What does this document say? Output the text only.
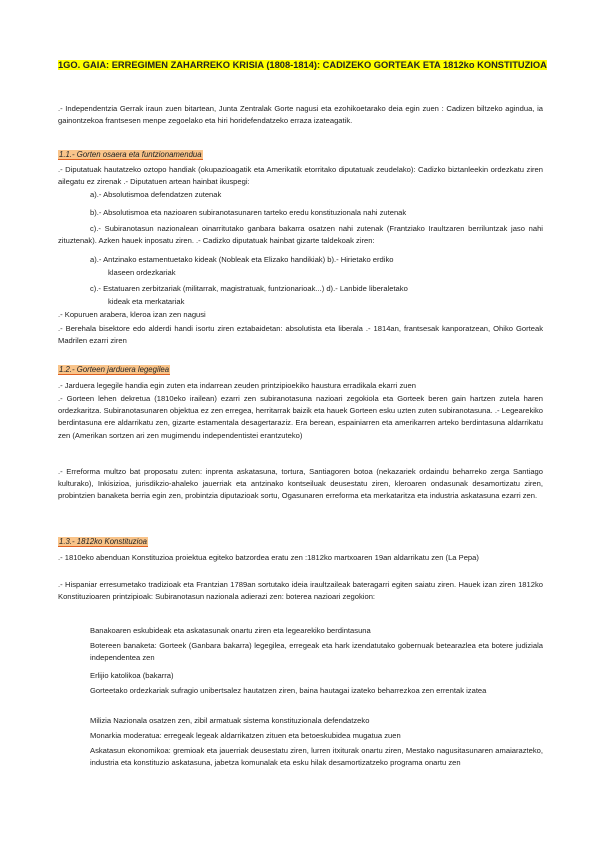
1GO. GAIA: ERREGIMEN ZAHARREKO KRISIA (1808-1814): CADIZEKO GORTEAK ETA 1812ko KONSTITUZIOA

.- Independentzia Gerrak iraun zuen bitartean, Junta Zentralak Gorte nagusi eta ezohikoetarako deia egin zuen : Cadizen biltzeko agindua, ia gainontzekoa frantsesen menpe zegoelako eta hiri horidefendatzeko erraza izateagatik.

1.1.- Gorten osaera eta funtzionamendua

.- Diputatuak hautatzeko oztopo handiak (okupazioagatik eta Amerikatik etorritako diputatuak zeudelako): Cadizko biztanleekin ordezkatu ziren ailegatu ez zirenak .- Diputatuen artean hainbat ikuspegi:

a).- Absolutismoa defendatzen zutenak

b).- Absolutismoa eta nazioaren subiranotasunaren tarteko eredu konstituzionala nahi zutenak

c).- Subiranotasun nazionalean oinarritutako ganbara bakarra osatzen nahi zutenak (Frantziako Iraultzaren berriluntzak jaso nahi zituztenak). Azken hauek inposatu ziren. .- Cadizko diputatuak hainbat gizarte taldekoak ziren:

a).- Antzinako estamentuetako kideak (Nobleak eta Elizako handikiak) b).- Hirietako erdiko

klaseen ordezkariak

c).- Estatuaren zerbitzariak (militarrak, magistratuak, funtzionarioak...) d).- Lanbide liberaletako

kideak eta merkatariak

.- Kopuruen arabera, kleroa izan zen nagusi

.- Berehala bisektore edo alderdi handi isortu ziren eztabaidetan: absolutista eta liberala .- 1814an, frantsesak kanporatzean, Ohiko Gorteak Madrilen ezarri ziren

1.2.- Gorteen jarduera legegilea

.- Jarduera legegile handia egin zuten eta indarrean zeuden printzipioekiko haustura erradikala ekarri zuen

.- Gorteen lehen dekretua (1810eko irailean) ezarri zen subiranotasuna nazioari zegokiola eta Gorteek beren gain hartzen zutela haren ordezkaritza. Subiranotasunaren objektua ez zen erregea, herritarrak baizik eta hauek Gorteen esku uzten zuten subiranotasuna. .- Legearekiko berdintasuna ere aldarrikatu zen, gizarte estamentala desagertaraziz. Era berean, espainiarren eta amerikarren arteko berdintasuna aldarrikatu zen (Amerikan sortzen ari zen mugimendu independentistei erantzuteko)

.- Erreforma multzo bat proposatu zuten: inprenta askatasuna, tortura, Santiagoren botoa (nekazariek ordaindu beharreko zerga Santiago kulturako), Inkisizioa, jurisdikzio-ahaleko jauerriak eta antzinako kontseiluak deusestatu ziren, kleroaren ondasunak desamortizatu ziren, probintzien banaketa berria egin zen, probintzia diputazioak sortu, Ogasunaren erreforma eta merkataritza eta industria askatasuna ezarri zen.

1.3.- 1812ko Konstituzioa

.- 1810eko abenduan Konstituzioa proiektua egiteko batzordea eratu zen :1812ko martxoaren 19an aldarrikatu zen (La Pepa)

.- Hispaniar erresumetako tradizioak eta Frantzian 1789an sortutako ideia iraultzaileak bateragarri egiten saiatu ziren. Hauek izan ziren 1812ko Konstituzioaren printzipioak: Subiranotasun nazionala adierazi zen: boterea nazioari zegokion:

Banakoaren eskubideak eta askatasunak onartu ziren eta legearekiko berdintasuna

Botereen banaketa: Gorteek (Ganbara bakarra) legegilea, erregeak eta hark izendatutako gobernuak betearazlea eta botere judiziala independentea zen

Erlijio katolikoa (bakarra)

Gorteetako ordezkariak sufragio unibertsalez hautatzen ziren, baina hautagai izateko beharrezkoa zen errentak izatea

Milizia Nazionala osatzen zen, zibil armatuak sistema konstituzionala defendatzeko

Monarkia moderatua: erregeak legeak aldarrikatzen zituen eta betoeskubidea mugatua zuen

Askatasun ekonomikoa: gremioak eta jauerriak deusestatu ziren, lurren itxiturak onartu ziren, Mestako nagusitasunaren amaiarazteko, industria eta konstituzio askatasuna, jabetza komunalak eta esku hilak desamortizatzeko programa onartu zen
